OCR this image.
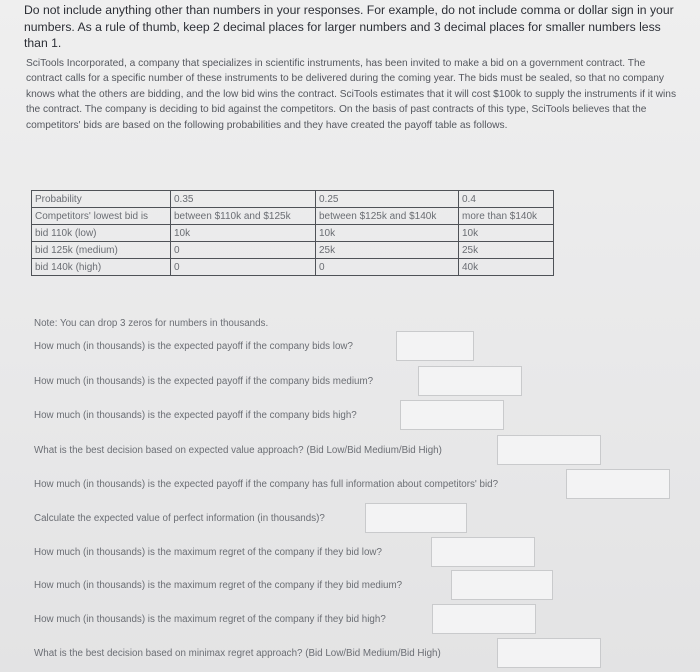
Do not include anything other than numbers in your responses. For example, do not include comma or dollar sign in your numbers. As a rule of thumb, keep 2 decimal places for larger numbers and 3 decimal places for smaller numbers less than 1.
SciTools Incorporated, a company that specializes in scientific instruments, has been invited to make a bid on a government contract. The contract calls for a specific number of these instruments to be delivered during the coming year. The bids must be sealed, so that no company knows what the others are bidding, and the low bid wins the contract. SciTools estimates that it will cost $100k to supply the instruments if it wins the contract. The company is deciding to bid against the competitors. On the basis of past contracts of this type, SciTools believes that the competitors' bids are based on the following probabilities and they have created the payoff table as follows.
Probability	0.35	0.25	0.4
Competitors' lowest bid is	between $110k and $125k	between $125k and $140k	more than $140k
bid 110k (low)	10k	10k	10k
bid 125k (medium)	0	25k	25k
bid 140k (high)	0	0	40k
Note: You can drop 3 zeros for numbers in thousands.
How much (in thousands) is the expected payoff if the company bids low?
How much (in thousands) is the expected payoff if the company bids medium?
How much (in thousands) is the expected payoff if the company bids high?
What is the best decision based on expected value approach? (Bid Low/Bid Medium/Bid High)
How much (in thousands) is the expected payoff if the company has full information about competitors' bid?
Calculate the expected value of perfect information (in thousands)?
How much (in thousands) is the maximum regret of the company if they bid low?
How much (in thousands) is the maximum regret of the company if they bid medium?
How much (in thousands) is the maximum regret of the company if they bid high?
What is the best decision based on minimax regret approach? (Bid Low/Bid Medium/Bid High)
